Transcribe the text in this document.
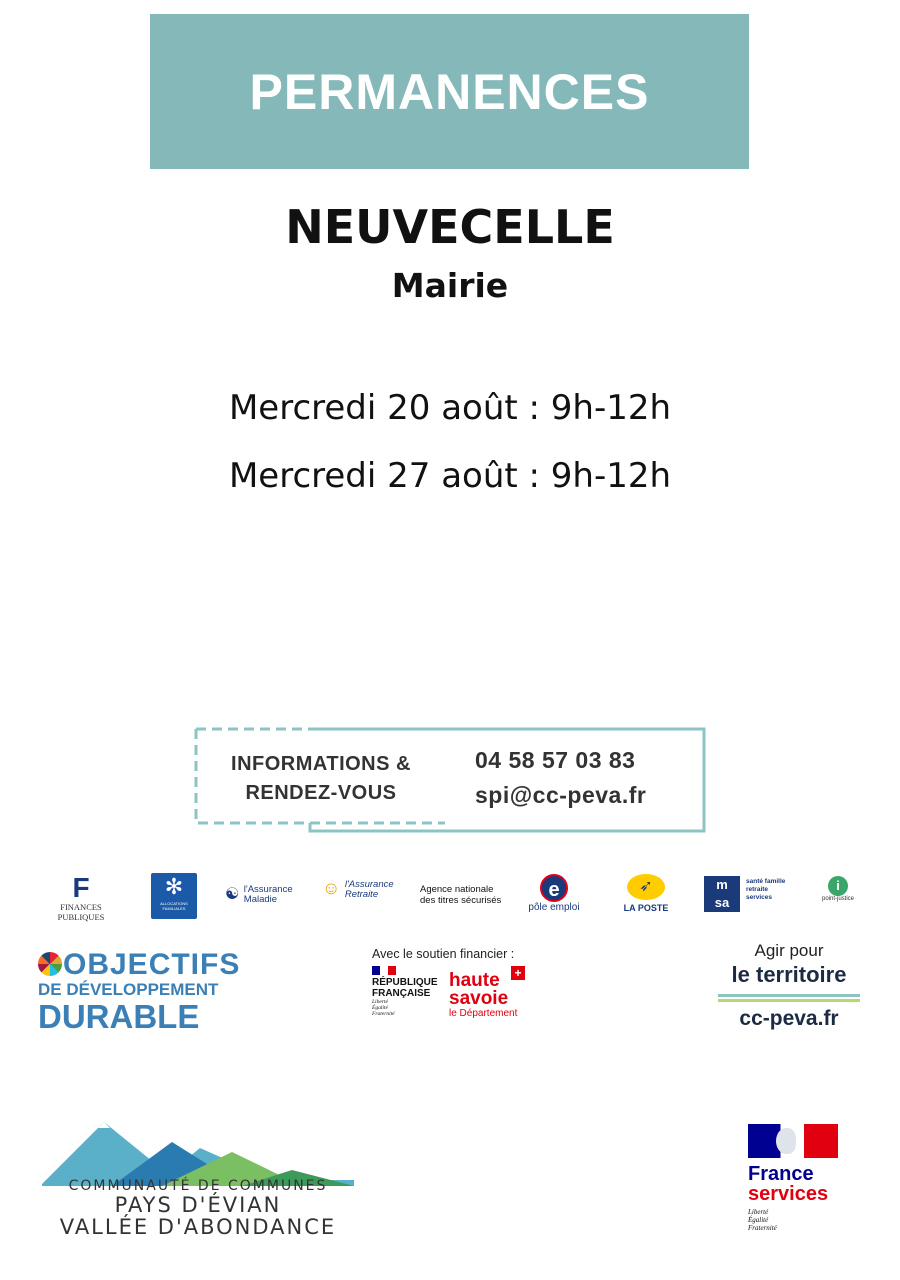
PERMANENCES
NEUVECELLE
Mairie
Mercredi 20 août : 9h-12h
Mercredi 27 août : 9h-12h
INFORMATIONS &
RENDEZ-VOUS
04 58 57 03 83
spi@cc-peva.fr
F
FINANCES PUBLIQUES
✻
ALLOCATIONS FAMILIALES
☯ l'Assurance Maladie
☺ l'Assurance Retraite	Agence nationale des titres sécurisés	e
pôle emploi
➶
LA POSTE
m
sa
santé famille retraite services
i
point-justice
OBJECTIFS
DE DÉVELOPPEMENT
DURABLE
Avec le soutien financier :
RÉPUBLIQUE FRANÇAISE
Liberté Égalité Fraternité
+
haute
savoie
le Département
Agir pour
le territoire
cc-peva.fr
COMMUNAUTÉ DE COMMUNES
PAYS D'ÉVIAN
VALLÉE D'ABONDANCE
France
services
Liberté Égalité Fraternité
